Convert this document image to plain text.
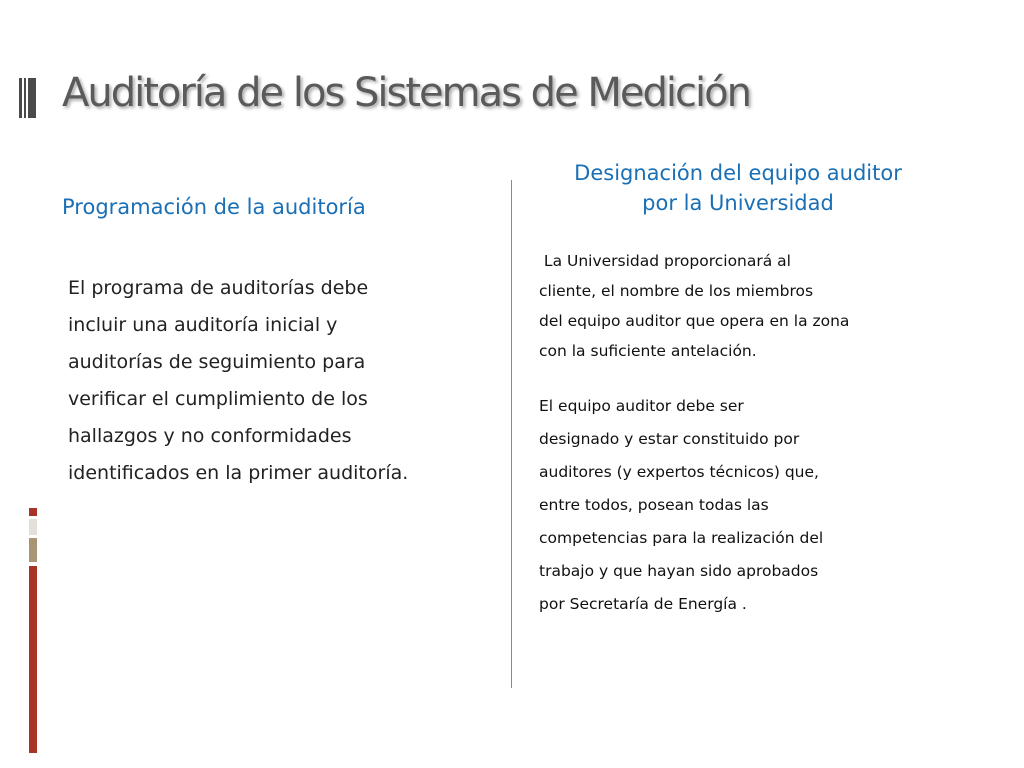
Auditoría de los Sistemas de Medición
Programación de la auditoría

El programa de auditorías debe
incluir una auditoría inicial y
auditorías de seguimiento para
verificar el cumplimiento de los
hallazgos y no conformidades
identificados en la primer auditoría.

Designación del equipo auditor
por la Universidad

La Universidad proporcionará al
cliente, el nombre de los miembros
del equipo auditor que opera en la zona
con la suficiente antelación.

El equipo auditor debe ser
designado y estar constituido por
auditores (y expertos técnicos) que,
entre todos, posean todas las
competencias para la realización del
trabajo y que hayan sido aprobados
por Secretaría de Energía .
